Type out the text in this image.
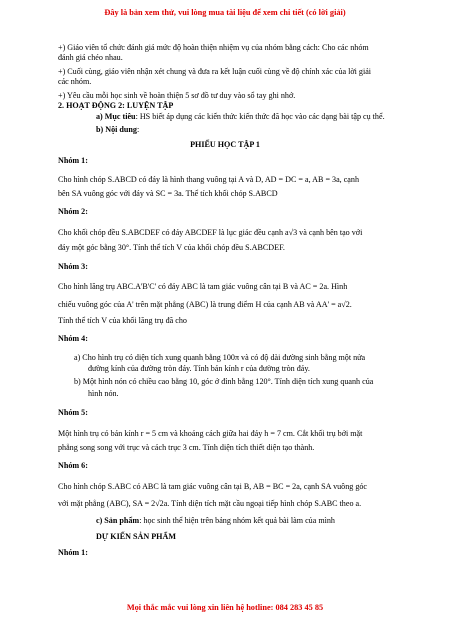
Đây là bản xem thử, vui lòng mua tài liệu để xem chi tiết (có lời giải)
+) Giáo viên tổ chức đánh giá mức độ hoàn thiện nhiệm vụ của nhóm bằng cách: Cho các nhóm
đánh giá chéo nhau.
+) Cuối cùng, giáo viên nhận xét chung và đưa ra kết luận cuối cùng về độ chính xác của lời giải
các nhóm.
+) Yêu cầu mỗi học sinh về hoàn thiện 5 sơ đồ tư duy vào sổ tay ghi nhớ.
2. HOẠT ĐỘNG 2: LUYỆN TẬP
a) Mục tiêu: HS biết áp dụng các kiến thức kiến thức đã học vào các dạng bài tập cụ thể.
b) Nội dung:
PHIẾU HỌC TẬP 1
Nhóm 1:
Cho hình chóp S.ABCD có đáy là hình thang vuông tại A và D, AD = DC = a, AB = 3a, cạnh
bên SA vuông góc với đáy và SC = 3a. Thể tích khối chóp S.ABCD
Nhóm 2:
Cho khối chóp đều S.ABCDEF có đáy ABCDEF là lục giác đều cạnh a√3 và cạnh bên tạo với
đáy một góc bằng 30°. Tính thể tích V của khối chóp đều S.ABCDEF.
Nhóm 3:
Cho hình lăng trụ ABC.A'B'C' có đáy ABC là tam giác vuông cân tại B và AC = 2a. Hình
chiếu vuông góc của A' trên mặt phẳng (ABC) là trung điểm H của cạnh AB và AA' = a√2.
Tính thể tích V của khối lăng trụ đã cho
Nhóm 4:
a) Cho hình trụ có diện tích xung quanh bằng 100π và có độ dài đường sinh bằng một nửa
đường kính của đường tròn đáy. Tính bán kính r của đường tròn đáy.
b) Một hình nón có chiều cao bằng 10, góc ở đỉnh bằng 120°. Tính diện tích xung quanh của
hình nón.
Nhóm 5:
Một hình trụ có bán kính r = 5 cm và khoảng cách giữa hai đáy h = 7 cm. Cắt khối trụ bởi mặt
phẳng song song với trục và cách trục 3 cm. Tính diện tích thiết diện tạo thành.
Nhóm 6:
Cho hình chóp S.ABC có ABC là tam giác vuông cân tại B, AB = BC = 2a, cạnh SA vuông góc
với mặt phẳng (ABC), SA = 2√2a. Tính diện tích mặt cầu ngoại tiếp hình chóp S.ABC theo a.
c) Sản phẩm: học sinh thể hiện trên bảng nhóm kết quả bài làm của mình
DỰ KIẾN SẢN PHẨM
Nhóm 1:
Mọi thắc mắc vui lòng xin liên hệ hotline: 084 283 45 85
